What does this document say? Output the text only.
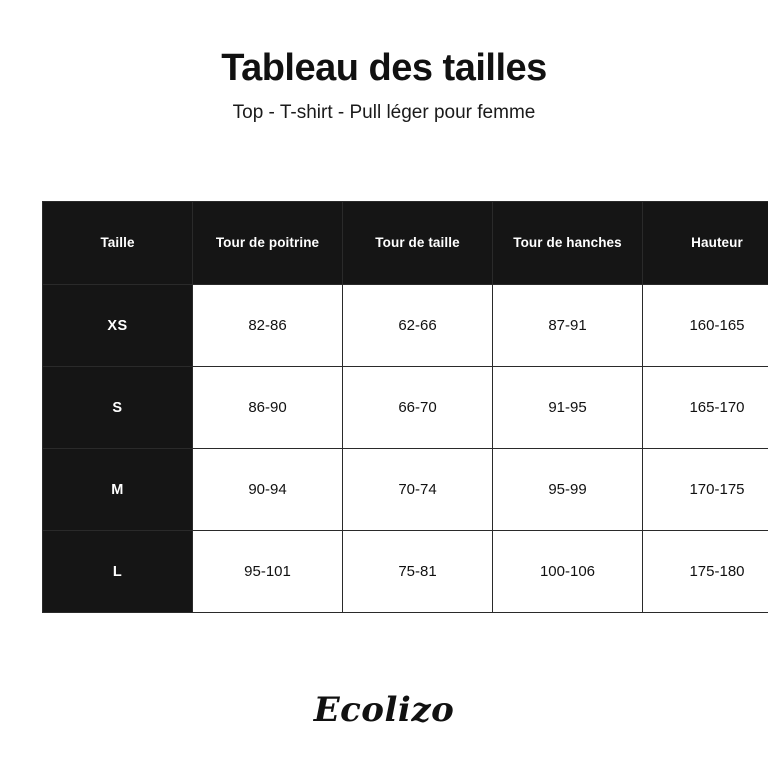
Tableau des tailles

Top - T-shirt - Pull léger pour femme

Taille	Tour de poitrine	Tour de taille	Tour de hanches	Hauteur
XS	82-86	62-66	87-91	160-165
S	86-90	66-70	91-95	165-170
M	90-94	70-74	95-99	170-175
L	95-101	75-81	100-106	175-180
Ecolizo
